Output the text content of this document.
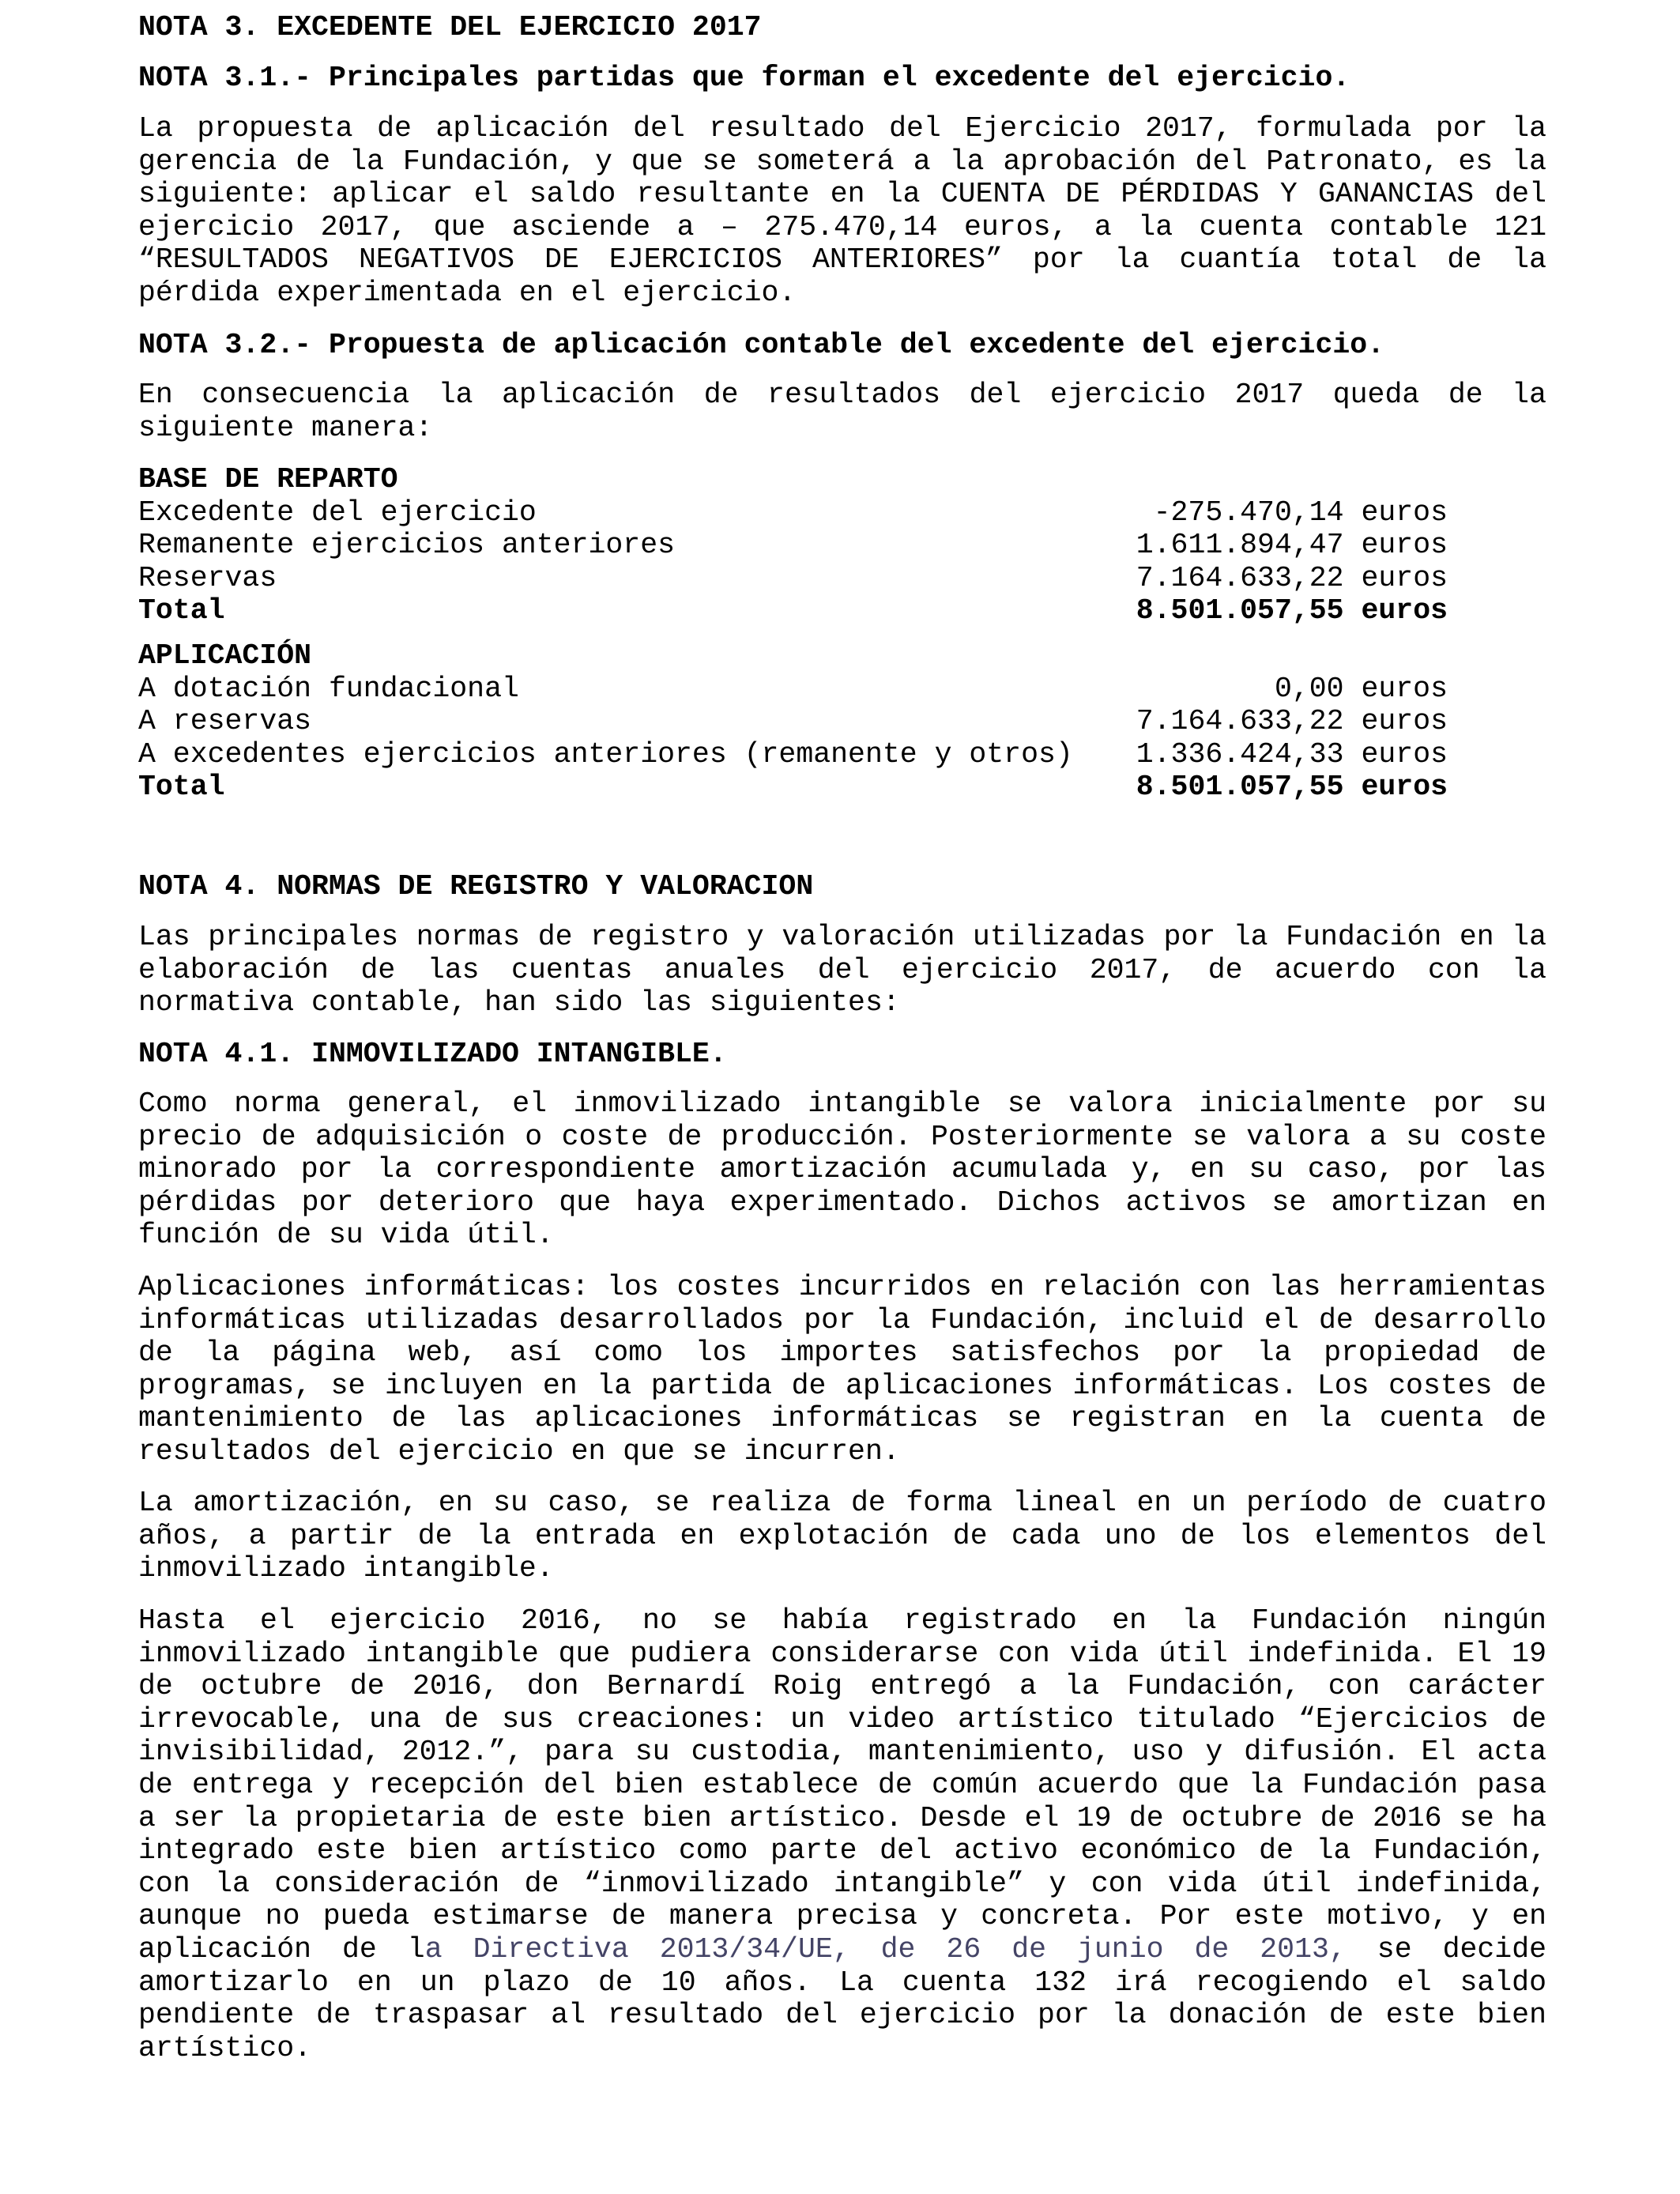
NOTA 3. EXCEDENTE DEL EJERCICIO 2017
NOTA 3.1.- Principales partidas que forman el excedente del ejercicio.

La propuesta de aplicación del resultado del Ejercicio 2017, formulada por la gerencia de la Fundación, y que se someterá a la aprobación del Patronato, es la siguiente: aplicar el saldo resultante en la CUENTA DE PÉRDIDAS Y GANANCIAS del ejercicio 2017, que asciende a – 275.470,14 euros, a la cuenta contable 121 “RESULTADOS NEGATIVOS DE EJERCICIOS ANTERIORES” por la cuantía total de la pérdida experimentada en el ejercicio.

NOTA 3.2.- Propuesta de aplicación contable del excedente del ejercicio.

En consecuencia la aplicación de resultados del ejercicio 2017 queda de la siguiente manera:

BASE DE REPARTO
Excedente del ejercicio	-275.470,14 euros
Remanente ejercicios anteriores	1.611.894,47 euros
Reservas	7.164.633,22 euros
Total	8.501.057,55 euros
APLICACIÓN
A dotación fundacional	0,00 euros
A reservas	7.164.633,22 euros
A excedentes ejercicios anteriores (remanente y otros)	1.336.424,33 euros
Total	8.501.057,55 euros
NOTA 4. NORMAS DE REGISTRO Y VALORACION

Las principales normas de registro y valoración utilizadas por la Fundación en la elaboración de las cuentas anuales del ejercicio 2017, de acuerdo con la normativa contable, han sido las siguientes:

NOTA 4.1. INMOVILIZADO INTANGIBLE.

Como norma general, el inmovilizado intangible se valora inicialmente por su precio de adquisición o coste de producción. Posteriormente se valora a su coste minorado por la correspondiente amortización acumulada y, en su caso, por las pérdidas por deterioro que haya experimentado. Dichos activos se amortizan en función de su vida útil.

Aplicaciones informáticas: los costes incurridos en relación con las herramientas informáticas utilizadas desarrollados por la Fundación, incluid el de desarrollo de la página web, así como los importes satisfechos por la propiedad de programas, se incluyen en la partida de aplicaciones informáticas. Los costes de mantenimiento de las aplicaciones informáticas se registran en la cuenta de resultados del ejercicio en que se incurren.

La amortización, en su caso, se realiza de forma lineal en un período de cuatro años, a partir de la entrada en explotación de cada uno de los elementos del inmovilizado intangible.

Hasta el ejercicio 2016, no se había registrado en la Fundación ningún inmovilizado intangible que pudiera considerarse con vida útil indefinida. El 19 de octubre de 2016, don Bernardí Roig entregó a la Fundación, con carácter irrevocable, una de sus creaciones: un video artístico titulado “Ejercicios de invisibilidad, 2012.”, para su custodia, mantenimiento, uso y difusión. El acta de entrega y recepción del bien establece de común acuerdo que la Fundación pasa a ser la propietaria de este bien artístico. Desde el 19 de octubre de 2016 se ha integrado este bien artístico como parte del activo económico de la Fundación, con la consideración de “inmovilizado intangible” y con vida útil indefinida, aunque no pueda estimarse de manera precisa y concreta. Por este motivo, y en aplicación de la Directiva 2013/34/UE, de 26 de junio de 2013, se decide amortizarlo en un plazo de 10 años. La cuenta 132 irá recogiendo el saldo pendiente de traspasar al resultado del ejercicio por la donación de este bien artístico.
